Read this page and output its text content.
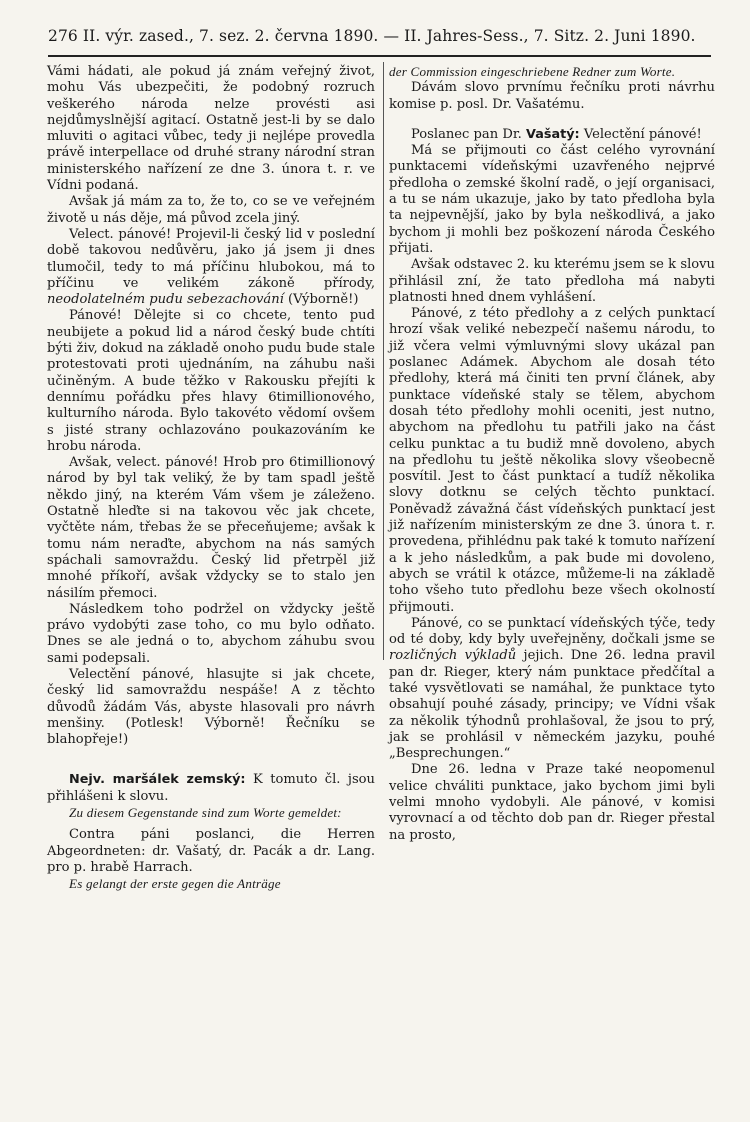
276 II. výr. zased., 7. sez. 2. června 1890. — II. Jahres-Sess., 7. Sitz. 2. Juni 1890.

Vámi hádati, ale pokud já znám veřejný život, mohu Vás ubezpečiti, že podobný rozruch veškerého národa nelze provésti asi nejdůmyslnější agitací. Ostatně jest-li by se dalo mluviti o agitaci vůbec, tedy ji nejlépe provedla právě interpellace od druhé strany národní stran ministerského nařízení ze dne 3. února t. r. ve Vídni podaná.

Avšak já mám za to, že to, co se ve veřejném životě u nás děje, má původ zcela jiný.

Velect. pánové! Projevil-li český lid v poslední době takovou nedůvěru, jako já jsem ji dnes tlumočil, tedy to má příčinu hlubokou, má to příčinu ve velikém zákoně přírody, neodolatelném pudu sebezachování (Výborně!)

Pánové! Dělejte si co chcete, tento pud neubijete a pokud lid a národ český bude chtíti býti živ, dokud na základě onoho pudu bude stale protestovati proti ujednáním, na záhubu naši učiněným. A bude těžko v Rakousku přejíti k dennímu pořádku přes hlavy 6timillionového, kulturního národa. Bylo takovéto vědomí ovšem s jisté strany ochlazováno poukazováním ke hrobu národa.

Avšak, velect. pánové! Hrob pro 6timillionový národ by byl tak veliký, že by tam spadl ještě někdo jiný, na kterém Vám všem je záleženo. Ostatně hleďte si na takovou věc jak chcete, vyčtěte nám, třebas že se přeceňujeme; avšak k tomu nám neraďte, abychom na nás samých spáchali samovraždu. Český lid přetrpěl již mnohé příkoří, avšak vždycky se to stalo jen násilím přemoci.

Následkem toho podržel on vždycky ještě právo vydobýti zase toho, co mu bylo odňato. Dnes se ale jedná o to, abychom záhubu svou sami podepsali.

Velectění pánové, hlasujte si jak chcete, český lid samovraždu nespáše! A z těchto důvodů žádám Vás, abyste hlasovali pro návrh menšiny. (Potlesk! Výborně! Řečníku se blahopřeje!)

Nejv. maršálek zemský: K tomuto čl. jsou přihlášeni k slovu.

Zu diesem Gegenstande sind zum Worte gemeldet:

Contra páni poslanci, die Herren Abgeordneten: dr. Vašatý, dr. Pacák a dr. Lang. pro p. hrabě Harrach.

Es gelangt der erste gegen die Anträge

der Commission eingeschriebene Redner zum Worte.

Dávám slovo prvnímu řečníku proti návrhu komise p. posl. Dr. Vašatému.

Poslanec pan Dr. Vašatý: Velectění pánové!

Má se přijmouti co část celého vyrovnání punktacemi vídeňskými uzavřeného nejprvé předloha o zemské školní radě, o její organisaci, a tu se nám ukazuje, jako by tato předloha byla ta nejpevnější, jako by byla neškodlivá, a jako bychom ji mohli bez poškození národa Českého přijati.

Avšak odstavec 2. ku kterému jsem se k slovu přihlásil zní, že tato předloha má nabyti platnosti hned dnem vyhlášení.

Pánové, z této předlohy a z celých punktací hrozí však veliké nebezpečí našemu národu, to již včera velmi výmluvnými slovy ukázal pan poslanec Adámek. Abychom ale dosah této předlohy, která má činiti ten první článek, aby punktace vídeňské staly se tělem, abychom dosah této předlohy mohli oceniti, jest nutno, abychom na předlohu tu patřili jako na část celku punktac a tu budiž mně dovoleno, abych na předlohu tu ještě několika slovy všeobecně posvítil. Jest to část punktací a tudíž několika slovy dotknu se celých těchto punktací. Poněvadž závažná část vídeňských punktací jest již nařízením ministerským ze dne 3. února t. r. provedena, přihlédnu pak také k tomuto nařízení a k jeho následkům, a pak bude mi dovoleno, abych se vrátil k otázce, můžeme-li na základě toho všeho tuto předlohu beze všech okolností přijmouti.

Pánové, co se punktací vídeňských týče, tedy od té doby, kdy byly uveřejněny, dočkali jsme se rozličných výkladů jejich. Dne 26. ledna pravil pan dr. Rieger, který nám punktace předčítal a také vysvětlovati se namáhal, že punktace tyto obsahují pouhé zásady, principy; ve Vídni však za několik týhodnů prohlašoval, že jsou to prý, jak se prohlásil v německém jazyku, pouhé „Besprechungen.“

Dne 26. ledna v Praze také neopomenul velice chváliti punktace, jako bychom jimi byli velmi mnoho vydobyli. Ale pánové, v komisi vyrovnací a od těchto dob pan dr. Rieger přestal na prosto,
